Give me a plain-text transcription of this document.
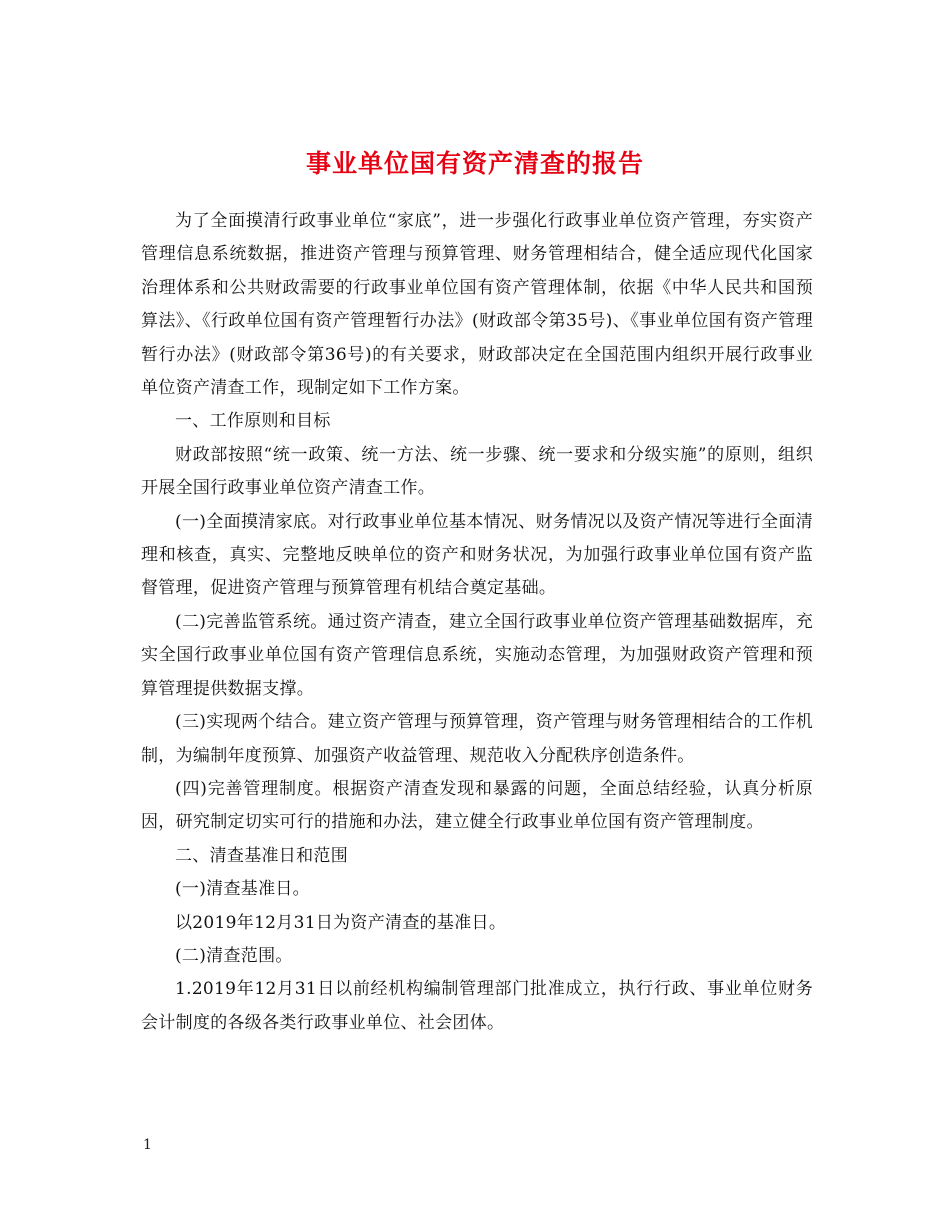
事业单位国有资产清查的报告

为了全面摸清行政事业单位“家底”，进一步强化行政事业单位资产管理，夯实资产管理信息系统数据，推进资产管理与预算管理、财务管理相结合，健全适应现代化国家治理体系和公共财政需要的行政事业单位国有资产管理体制，依据《中华人民共和国预算法》、《行政单位国有资产管理暂行办法》(财政部令第35号)、《事业单位国有资产管理暂行办法》(财政部令第36号)的有关要求，财政部决定在全国范围内组织开展行政事业单位资产清查工作，现制定如下工作方案。

一、工作原则和目标

财政部按照“统一政策、统一方法、统一步骤、统一要求和分级实施”的原则，组织开展全国行政事业单位资产清查工作。

(一)全面摸清家底。对行政事业单位基本情况、财务情况以及资产情况等进行全面清理和核查，真实、完整地反映单位的资产和财务状况，为加强行政事业单位国有资产监督管理，促进资产管理与预算管理有机结合奠定基础。

(二)完善监管系统。通过资产清查，建立全国行政事业单位资产管理基础数据库，充实全国行政事业单位国有资产管理信息系统，实施动态管理，为加强财政资产管理和预算管理提供数据支撑。

(三)实现两个结合。建立资产管理与预算管理，资产管理与财务管理相结合的工作机制，为编制年度预算、加强资产收益管理、规范收入分配秩序创造条件。

(四)完善管理制度。根据资产清查发现和暴露的问题，全面总结经验，认真分析原因，研究制定切实可行的措施和办法，建立健全行政事业单位国有资产管理制度。

二、清查基准日和范围

(一)清查基准日。

以2019年12月31日为资产清查的基准日。

(二)清查范围。

1.2019年12月31日以前经机构编制管理部门批准成立，执行行政、事业单位财务会计制度的各级各类行政事业单位、社会团体。

1
